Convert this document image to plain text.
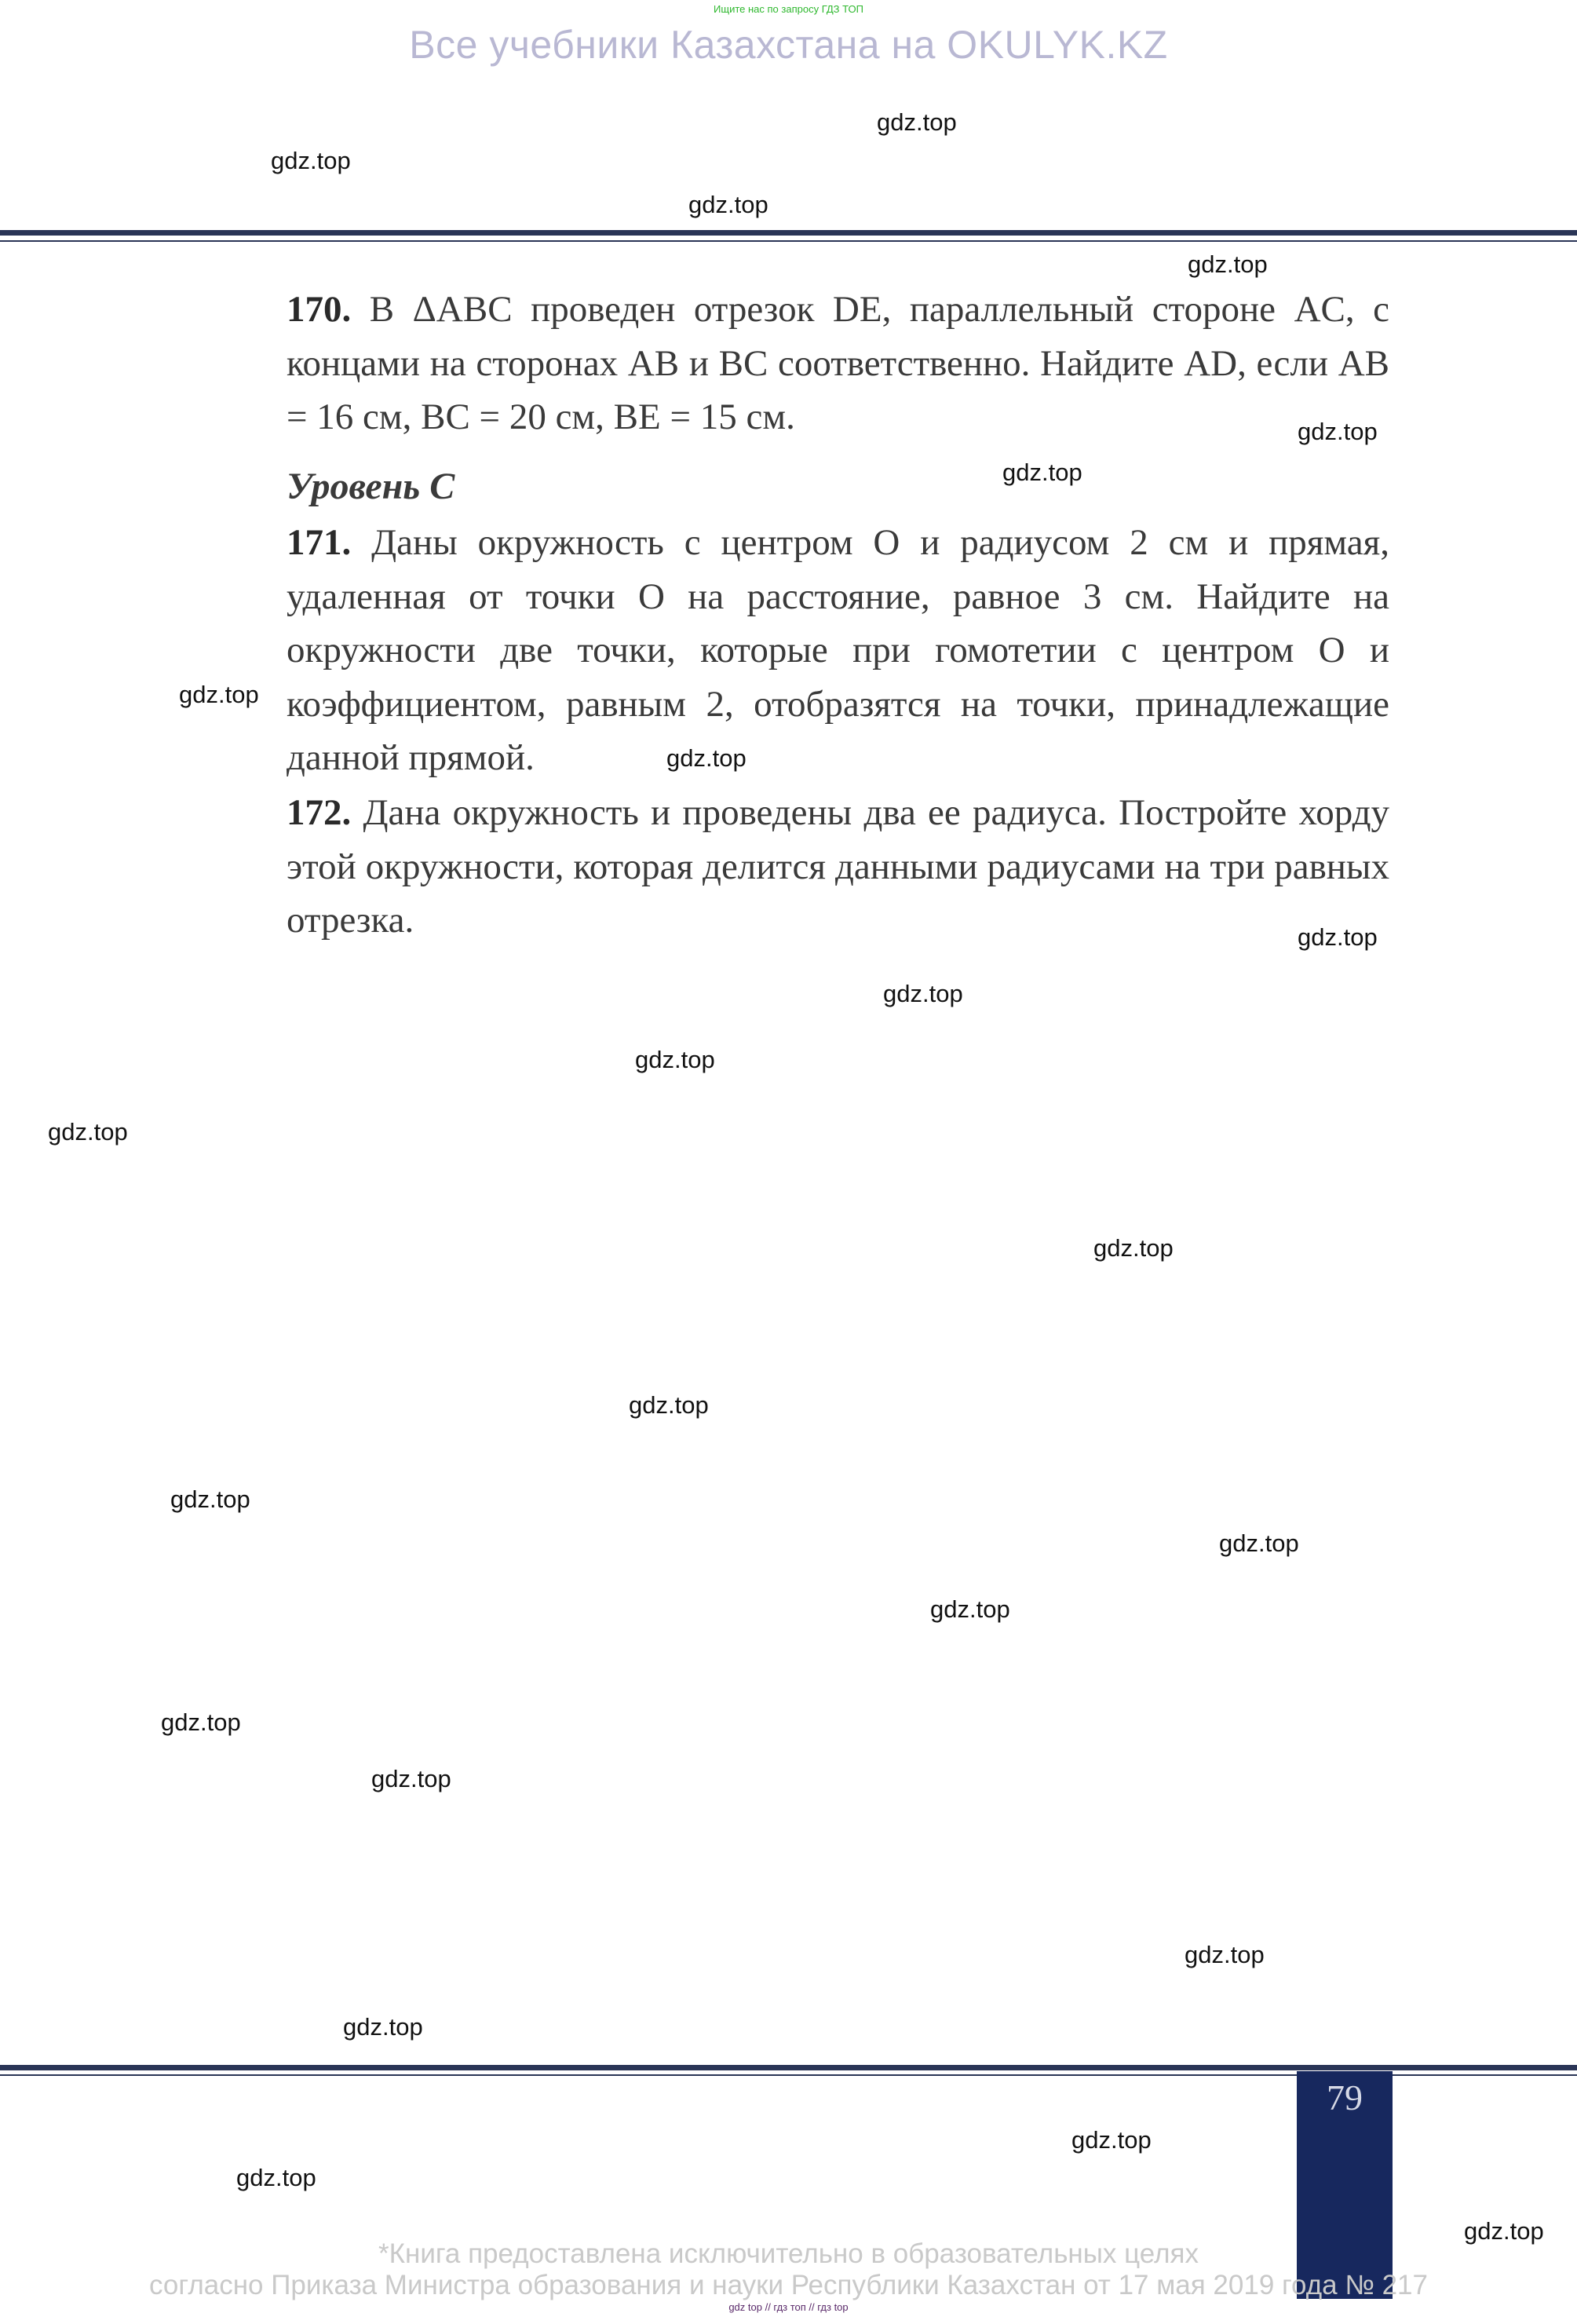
Ищите нас по запросу ГДЗ ТОП
Все учебники Казахстана на OKULYK.KZ
170. В ΔABC проведен отрезок DE, параллельный стороне AC, с концами на сторонах AB и BC соответственно. Найдите AD, если AB = 16 см, BC = 20 см, BE = 15 см.
Уровень С
171. Даны окружность с центром O и радиусом 2 см и прямая, удаленная от точки O на расстояние, равное 3 см. Найдите на окружности две точки, которые при гомотетии с центром O и коэффициентом, равным 2, отобразятся на точки, принадлежащие данной прямой.
172. Дана окружность и проведены два ее радиуса. Постройте хорду этой окружности, которая делится данными радиусами на три равных отрезка.
gdz.top
gdz.top
gdz.top
gdz.top
gdz.top
gdz.top
gdz.top
gdz.top
gdz.top
gdz.top
gdz.top
gdz.top
gdz.top
gdz.top
gdz.top
gdz.top
gdz.top
gdz.top
gdz.top
gdz.top
gdz.top
gdz.top
gdz.top
gdz.top
79
*Книга предоставлена исключительно в образовательных целях
согласно Приказа Министра образования и науки Республики Казахстан от 17 мая 2019 года № 217
gdz top // гдз топ // гдз top
